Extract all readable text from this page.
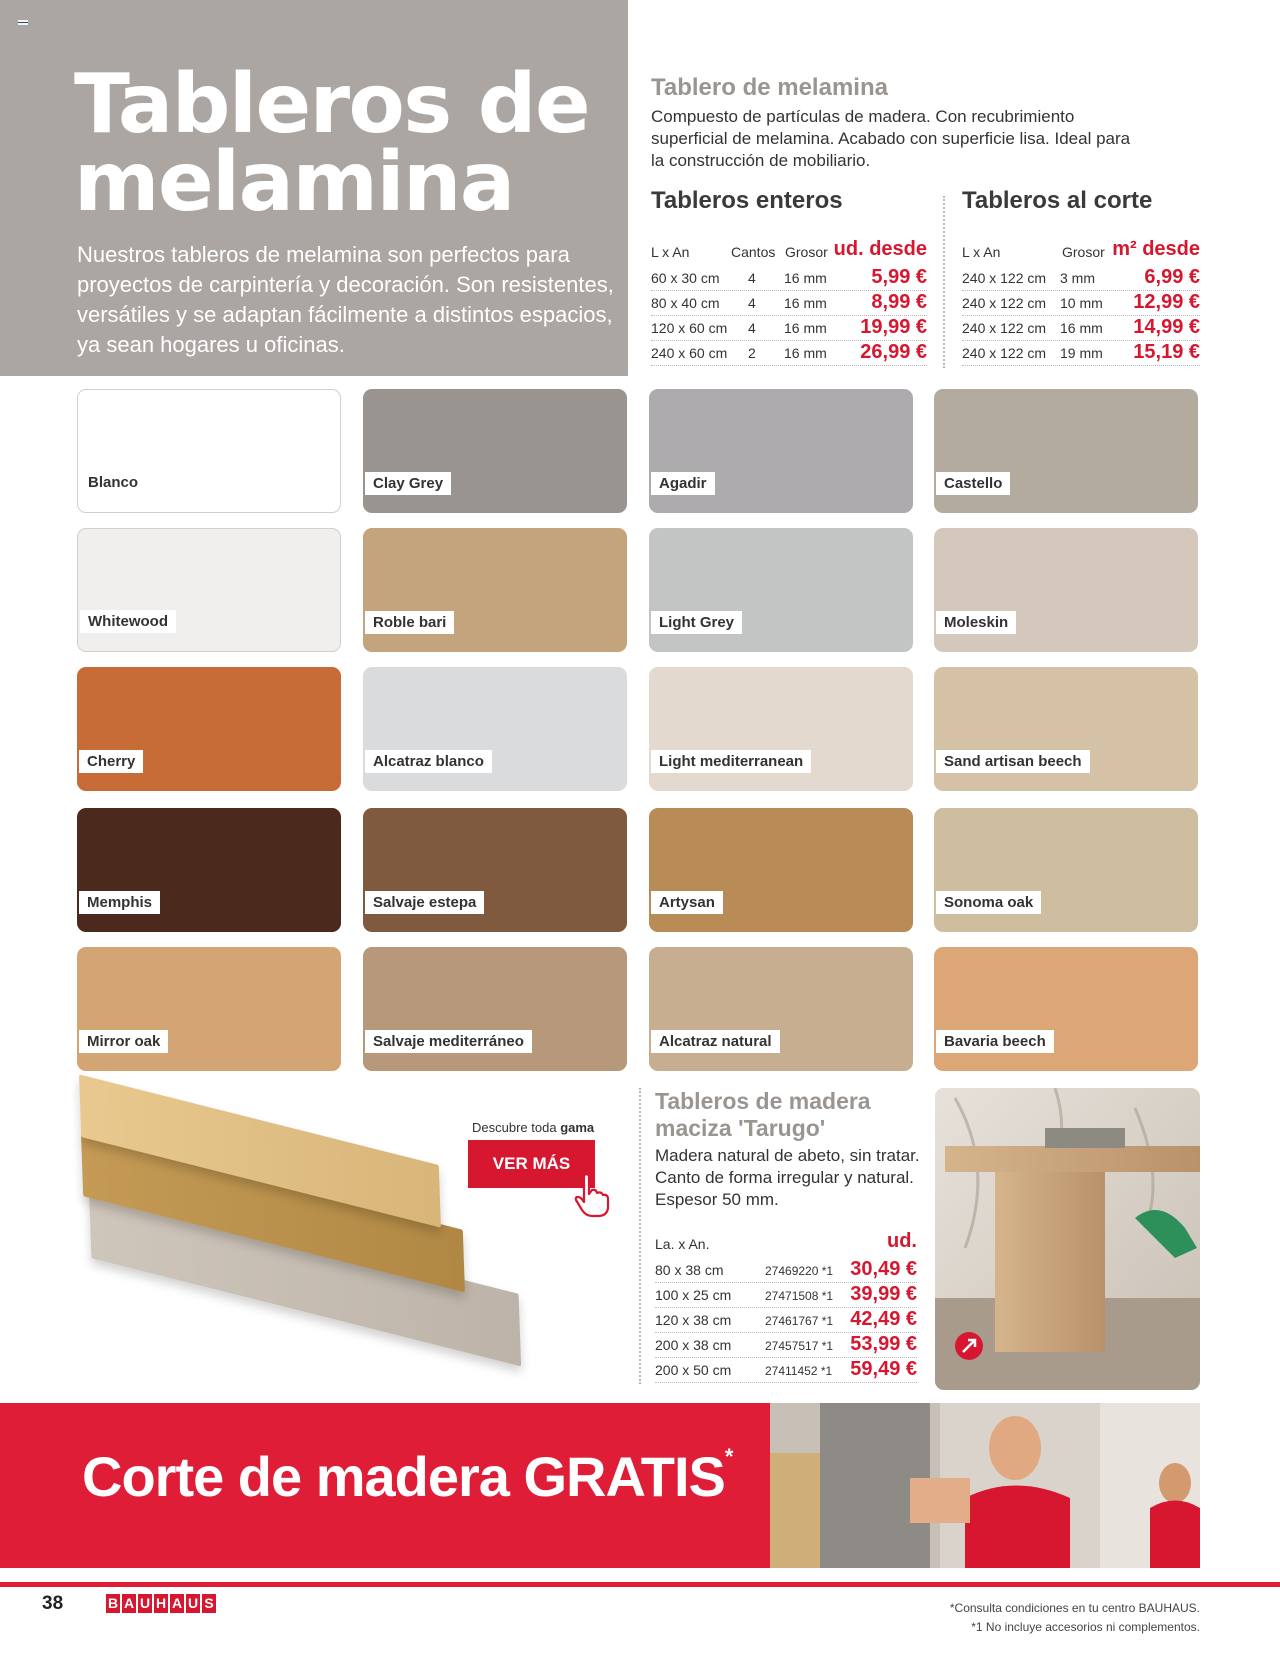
Tableros de
melamina
Nuestros tableros de melamina son perfectos para proyectos de carpintería y decoración. Son resistentes, versátiles y se adaptan fácilmente a distintos espacios, ya sean hogares u oficinas.
Tablero de melamina
Compuesto de partículas de madera. Con recubrimiento superficial de melamina. Acabado con superficie lisa. Ideal para la construcción de mobiliario.
Tableros enteros
L x An	Cantos Grosor ud. desde
60 x 30 cm 4 16 mm 5,99 €
80 x 40 cm 4 16 mm 8,99 €
120 x 60 cm 4 16 mm 19,99 €
240 x 60 cm 2 16 mm 26,99 €
Tableros al corte
L x An	Grosor m² desde
240 x 122 cm 3 mm 6,99 €
240 x 122 cm 10 mm 12,99 €
240 x 122 cm 16 mm 14,99 €
240 x 122 cm 19 mm 15,19 €
Blanco	Clay Grey	Agadir	Castello
Whitewood	Roble bari	Light Grey	Moleskin
Cherry	Alcatraz blanco	Light mediterranean	Sand artisan beech
Memphis	Salvaje estepa	Artysan	Sonoma oak
Mirror oak	Salvaje mediterráneo	Alcatraz natural	Bavaria beech
Descubre toda gama
VER MÁS
Tableros de madera maciza 'Tarugo'
Madera natural de abeto, sin tratar. Canto de forma irregular y natural. Espesor 50 mm.
La. x An.	ud.
80 x 38 cm	27469220 *1 30,49 €
100 x 25 cm	27471508 *1 39,99 €
120 x 38 cm	27461767 *1 42,49 €
200 x 38 cm	27457517 *1 53,99 €
200 x 50 cm	27411452 *1 59,49 €
Corte de madera GRATIS*
38	B A U H A U S	*Consulta condiciones en tu centro BAUHAUS.
*1 No incluye accesorios ni complementos.
